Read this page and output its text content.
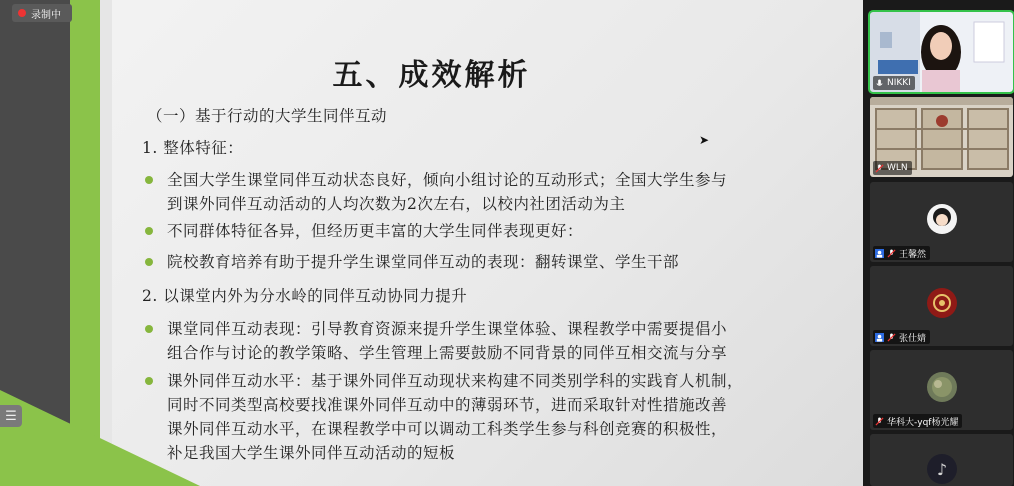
录制中
五、成效解析
（一）基于行动的大学生同伴互动
1. 整体特征：
全国大学生课堂同伴互动状态良好，倾向小组讨论的互动形式；全国大学生参与
到课外同伴互动活动的人均次数为2次左右，以校内社团活动为主
不同群体特征各异，但经历更丰富的大学生同伴表现更好：
院校教育培养有助于提升学生课堂同伴互动的表现：翻转课堂、学生干部
2. 以课堂内外为分水岭的同伴互动协同力提升
课堂同伴互动表现：引导教育资源来提升学生课堂体验、课程教学中需要提倡小
组合作与讨论的教学策略、学生管理上需要鼓励不同背景的同伴互相交流与分享
课外同伴互动水平：基于课外同伴互动现状来构建不同类别学科的实践育人机制，
同时不同类型高校要找准课外同伴互动中的薄弱环节，进而采取针对性措施改善
课外同伴互动水平，在课程教学中可以调动工科类学生参与科创竞赛的积极性，
补足我国大学生课外同伴互动活动的短板
☰
➤
NIKKI
WLN
王馨然
张仕婧
华科大-yqf杨光耀
♪
